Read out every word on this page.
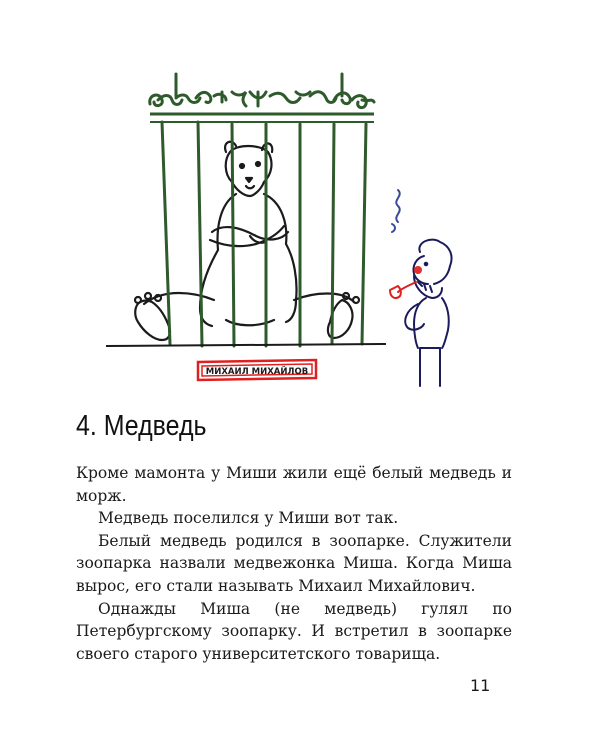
МИХАИЛ МИХАЙЛОВ
4. Медведь

Кроме мамонта у Миши жили ещё белый медведь и морж.

Медведь поселился у Миши вот так.

Белый медведь родился в зоопарке. Служители зоопарка назвали медвежонка Миша. Когда Миша вырос, его стали называть Михаил Михайлович.

Однажды Миша (не медведь) гулял по Петербургскому зоопарку. И встретил в зоопарке своего старого университетского товарища.

11
